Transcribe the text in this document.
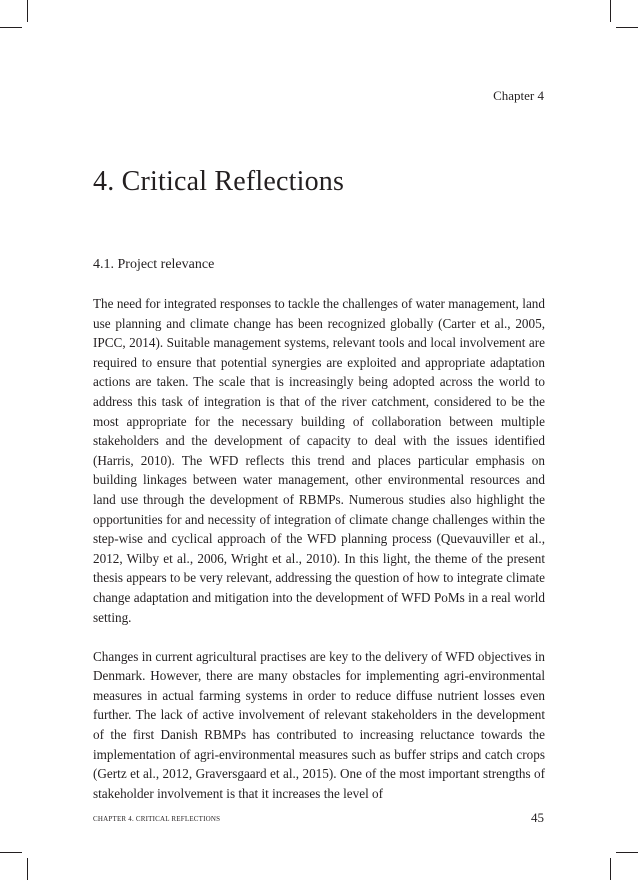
Chapter 4
4. Critical Reflections
4.1. Project relevance

The need for integrated responses to tackle the challenges of water management, land use planning and climate change has been recognized globally (Carter et al., 2005, IPCC, 2014). Suitable management systems, relevant tools and local involvement are required to ensure that potential synergies are exploited and appropriate adaptation actions are taken. The scale that is increasingly being adopted across the world to address this task of integration is that of the river catchment, considered to be the most appropriate for the necessary building of collaboration between multiple stakeholders and the development of capacity to deal with the issues identified (Harris, 2010). The WFD reflects this trend and places particular emphasis on building linkages between water management, other environmental resources and land use through the development of RBMPs. Numerous studies also highlight the opportunities for and necessity of integration of climate change challenges within the step-wise and cyclical approach of the WFD planning process (Quevauviller et al., 2012, Wilby et al., 2006, Wright et al., 2010). In this light, the theme of the present thesis appears to be very relevant, addressing the question of how to integrate climate change adaptation and mitigation into the development of WFD PoMs in a real world setting.

Changes in current agricultural practises are key to the delivery of WFD objectives in Denmark. However, there are many obstacles for implementing agri-environmental measures in actual farming systems in order to reduce diffuse nutrient losses even further. The lack of active involvement of relevant stakeholders in the development of the first Danish RBMPs has contributed to increasing reluctance towards the implementation of agri-environmental measures such as buffer strips and catch crops (Gertz et al., 2012, Graversgaard et al., 2015). One of the most important strengths of stakeholder involvement is that it increases the level of

CHAPTER 4. CRITICAL REFLECTIONS	45
